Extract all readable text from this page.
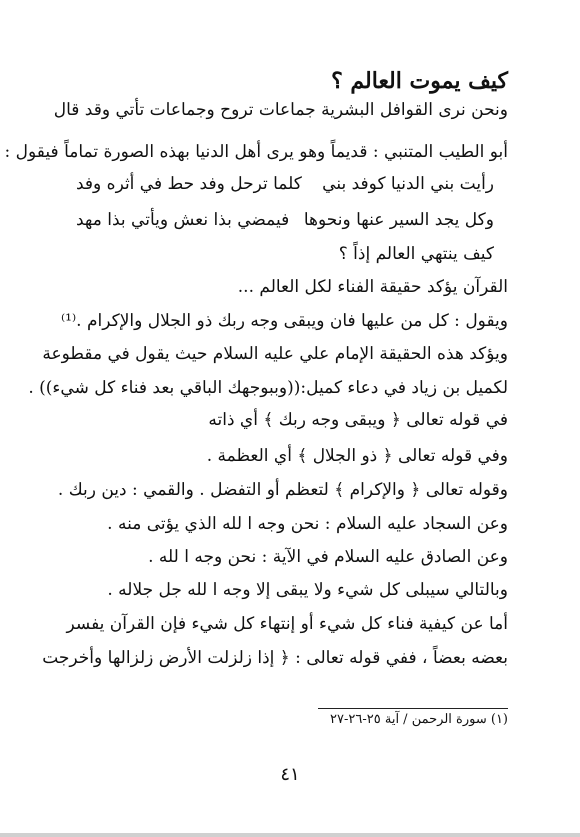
كيف يموت العالم ؟
ونحن نرى القوافل البشرية جماعات تروح وجماعات تأتي وقد قال
أبو الطيب المتنبي : قديماً وهو يرى أهل الدنيا بهذه الصورة تماماً فيقول :
رأيت بني الدنيا كوفد بني
كلما ترحل وفد حط في أثره وفد
وكل يجد السير عنها ونحوها
فيمضي بذا نعش ويأتي بذا مهد
كيف ينتهي العالم إذاً ؟
القرآن يؤكد حقيقة الفناء لكل العالم ...
ويقول : كل من عليها فان ويبقى وجه ربك ذو الجلال والإكرام .⁽¹⁾
ويؤكد هذه الحقيقة الإمام علي عليه السلام حيث يقول في مقطوعة
لكميل بن زياد في دعاء كميل:((وببوجهك الباقي بعد فناء كل شيء)) .
في قوله تعالى ﴿ ويبقى وجه ربك ﴾ أي ذاته
وفي قوله تعالى ﴿ ذو الجلال ﴾ أي العظمة .
وقوله تعالى ﴿ والإكرام ﴾ لتعظم أو التفضل . والقمي : دين ربك .
وعن السجاد عليه السلام : نحن وجه ا لله الذي يؤتى منه .
وعن الصادق عليه السلام في الآية : نحن وجه ا لله .
وبالتالي سيبلى كل شيء ولا يبقى إلا وجه ا لله جل جلاله .
أما عن كيفية فناء كل شيء أو إنتهاء كل شيء فإن القرآن يفسر
بعضه بعضاً ، ففي قوله تعالى : ﴿ إذا زلزلت الأرض زلزالها وأخرجت
(١) سورة الرحمن / آية ٢٥-٢٦-٢٧
٤١
